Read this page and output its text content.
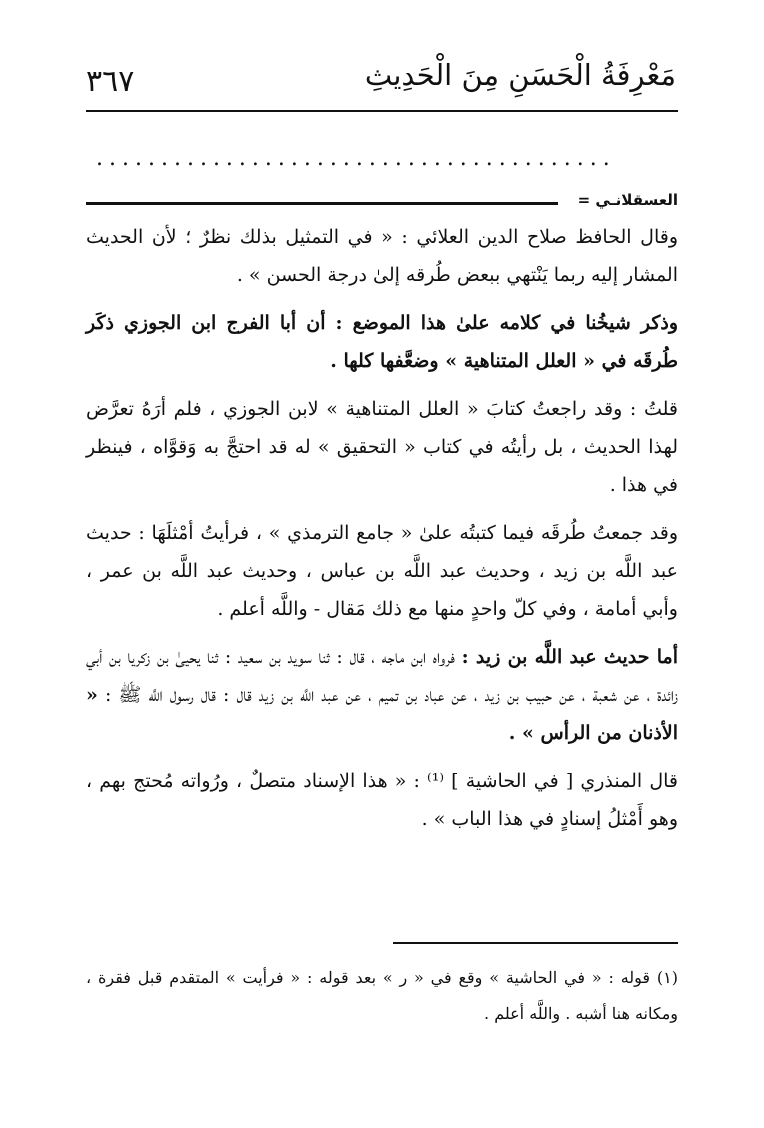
مَعْرِفَةُ الْحَسَنِ مِنَ الْحَدِيثِ
٣٦٧
........................................
العسقلانـي =

وقال الحافظ صلاح الدين العلائي : « في التمثيل بذلك نظرٌ ؛ لأن الحديث المشار إليه ربما يَنْتهي ببعض طُرقه إلىٰ درجة الحسن » .

وذكر شيخُنا في كلامه علىٰ هذا الموضع : أن أبا الفرج ابن الجوزي ذكَر طُرقَه في « العلل المتناهية » وضعَّفها كلها .

قلتُ : وقد راجعتُ كتابَ « العلل المتناهية » لابن الجوزي ، فلم أرَهُ تعرَّض لهذا الحديث ، بل رأيتُه في كتاب « التحقيق » له قد احتجَّ به وَقوَّاه ، فينظر في هذا .

وقد جمعتُ طُرقَه فيما كتبتُه علىٰ « جامع الترمذي » ، فرأيتُ أمْثلَهَا : حديث عبد اللَّه بن زيد ، وحديث عبد اللَّه بن عباس ، وحديث عبد اللَّه بن عمر ، وأبي أمامة ، وفي كلّ واحدٍ منها مع ذلك مَقال - واللَّه أعلم .

أما حديث عبد اللَّه بن زيد : فرواه ابن ماجه ، قال : ثنا سويد بن سعيد : ثنا يحيىٰ بن زكريا بن أبي زائدة ، عن شعبة ، عن حبيب بن زيد ، عن عباد بن تميم ، عن عبد اللَّه بن زيد قال : قال رسول اللَّه ﷺ : « الأذنان من الرأس » .

قال المنذري [ في الحاشية ] ⁽¹⁾ : « هذا الإسناد متصلٌ ، ورُواته مُحتج بهم ، وهو أَمْثلُ إسنادٍ في هذا الباب » .

(١) قوله : « في الحاشية » وقع في « ر » بعد قوله : « فرأيت » المتقدم قبل فقرة ، ومكانه هنا أشبه . واللَّه أعلم .
